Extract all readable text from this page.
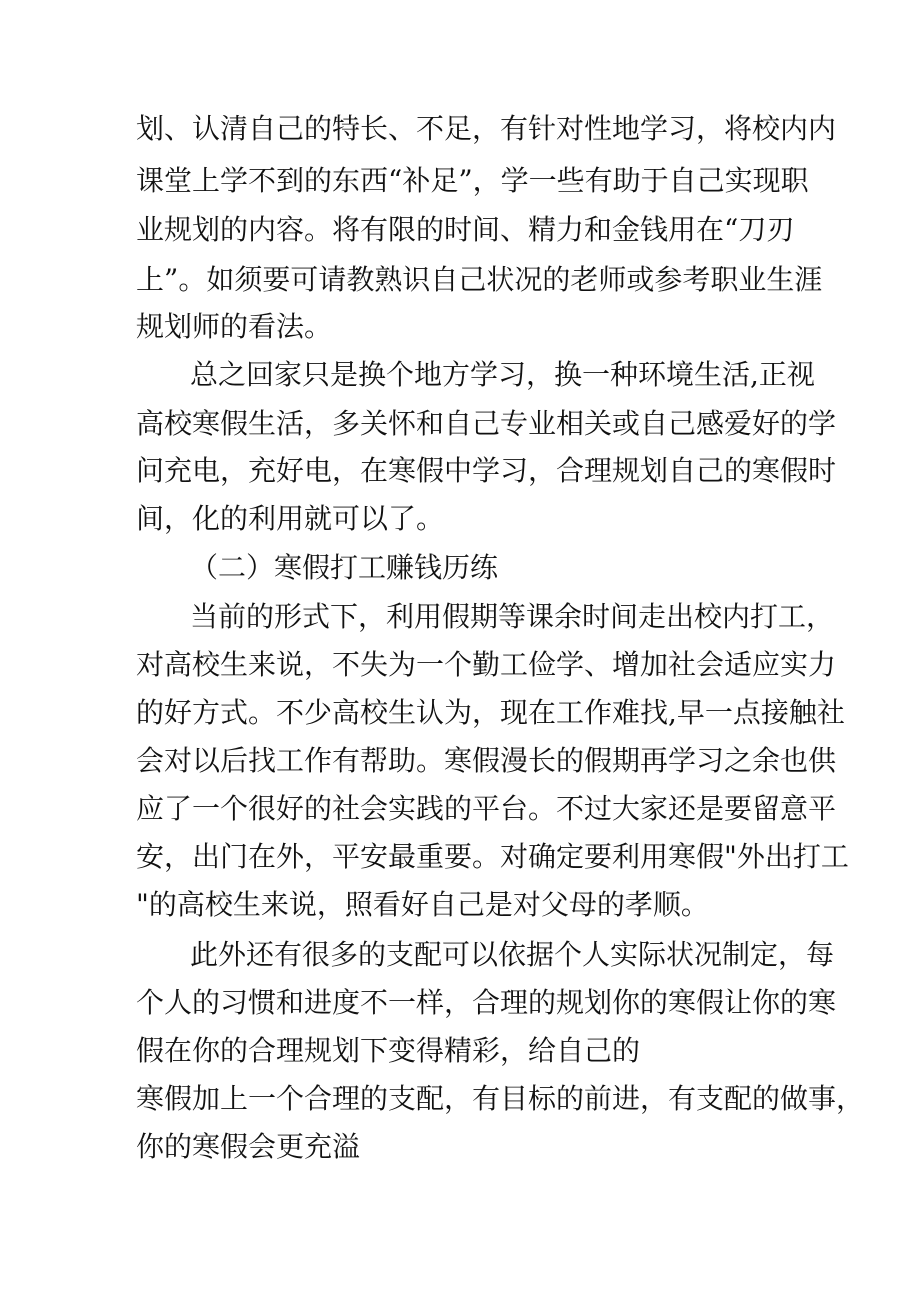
划、认清自己的特长、不足，有针对性地学习，将校内内
课堂上学不到的东西“补足”，学一些有助于自己实现职
业规划的内容。将有限的时间、精力和金钱用在“刀刃
上”。如须要可请教熟识自己状况的老师或参考职业生涯
规划师的看法。
总之回家只是换个地方学习，换一种环境生活,正视
高校寒假生活，多关怀和自己专业相关或自己感爱好的学
问充电，充好电，在寒假中学习，合理规划自己的寒假时
间，化的利用就可以了。
（二）寒假打工赚钱历练
当前的形式下，利用假期等课余时间走出校内打工，
对高校生来说，不失为一个勤工俭学、增加社会适应实力
的好方式。不少高校生认为，现在工作难找,早一点接触社
会对以后找工作有帮助。寒假漫长的假期再学习之余也供
应了一个很好的社会实践的平台。不过大家还是要留意平
安，出门在外，平安最重要。对确定要利用寒假"外出打工
"的高校生来说，照看好自己是对父母的孝顺。
此外还有很多的支配可以依据个人实际状况制定，每
个人的习惯和进度不一样，合理的规划你的寒假让你的寒
假在你的合理规划下变得精彩，给自己的
寒假加上一个合理的支配，有目标的前进，有支配的做事，
你的寒假会更充溢
